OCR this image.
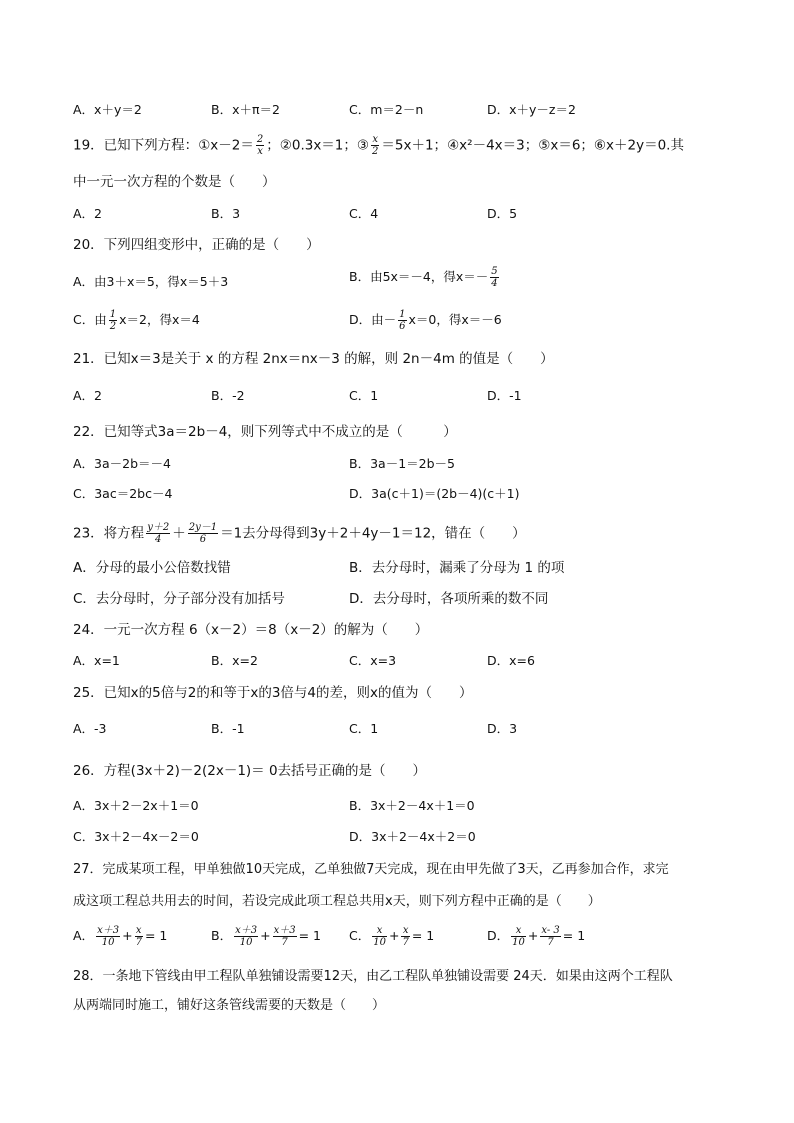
A．x＋y＝2	B．x＋π＝2	C．m＝2－n	D．x＋y－z＝2
19．已知下列方程：①x－2＝ $\frac{2}{x}$ ；②0.3x＝1；③ $\frac{x}{2} =5x+1$；④x²－4x＝3；⑤x＝6；⑥x＋2y＝0.其
中一元一次方程的个数是（　　）
A．2	B．3	C．4	D．5
20．下列四组变形中，正确的是（　　）
A．由3＋x＝5，得x＝5＋3	B．由5x＝－4，得$x=- \frac{5}{4}$
C．由 $\frac{1}{2} x=2$，得x＝4	D．由－ $\frac{1}{6} x=0$，得x＝－6
21．已知x＝3是关于 x 的方程 2nx＝nx－3 的解，则 2n－4m 的值是（　　）
A．2	B．-2	C．1	D．-1
22．已知等式3a＝2b－4，则下列等式中不成立的是（　　　）
A．3a－2b＝－4	B．3a－1＝2b－5
C．3ac＝2bc－4	D．3a(c＋1)＝(2b－4)(c＋1)
23．将方程 $\frac{y+2}{4} + \frac{2y-1}{6} =1$去分母得到3y＋2＋4y－1＝12，错在（　　）
A．分母的最小公倍数找错	B．去分母时，漏乘了分母为 1 的项
C．去分母时，分子部分没有加括号	D．去分母时，各项所乘的数不同
24．一元一次方程 6（x－2）＝8（x－2）的解为（　　）
A．x=1	B．x=2	C．x=3	D．x=6
25．已知x的5倍与2的和等于x的3倍与4的差，则x的值为（　　）
A．-3	B．-1	C．1	D．3
26．方程(3x＋2)－2(2x－1)＝ 0去括号正确的是（　　）
A．3x＋2－2x＋1＝0	B．3x＋2－4x＋1＝0
C．3x＋2－4x－2＝0	D．3x＋2－4x＋2＝0
27．完成某项工程，甲单独做10天完成，乙单独做7天完成，现在由甲先做了3天，乙再参加合作，求完
成这项工程总共用去的时间，若设完成此项工程总共用x天，则下列方程中正确的是（　　）
A． $\frac{x+3}{10} + \frac{x}{7} = 1$	B． $\frac{x+3}{10} + \frac{x+3}{7} = 1$ C． $\frac{x}{10} + \frac{x}{7} = 1$	D． $\frac{x}{10} + \frac{x- 3}{7} = 1$
28．一条地下管线由甲工程队单独铺设需要12天，由乙工程队单独铺设需要 24天．如果由这两个工程队
从两端同时施工，铺好这条管线需要的天数是（　　）
